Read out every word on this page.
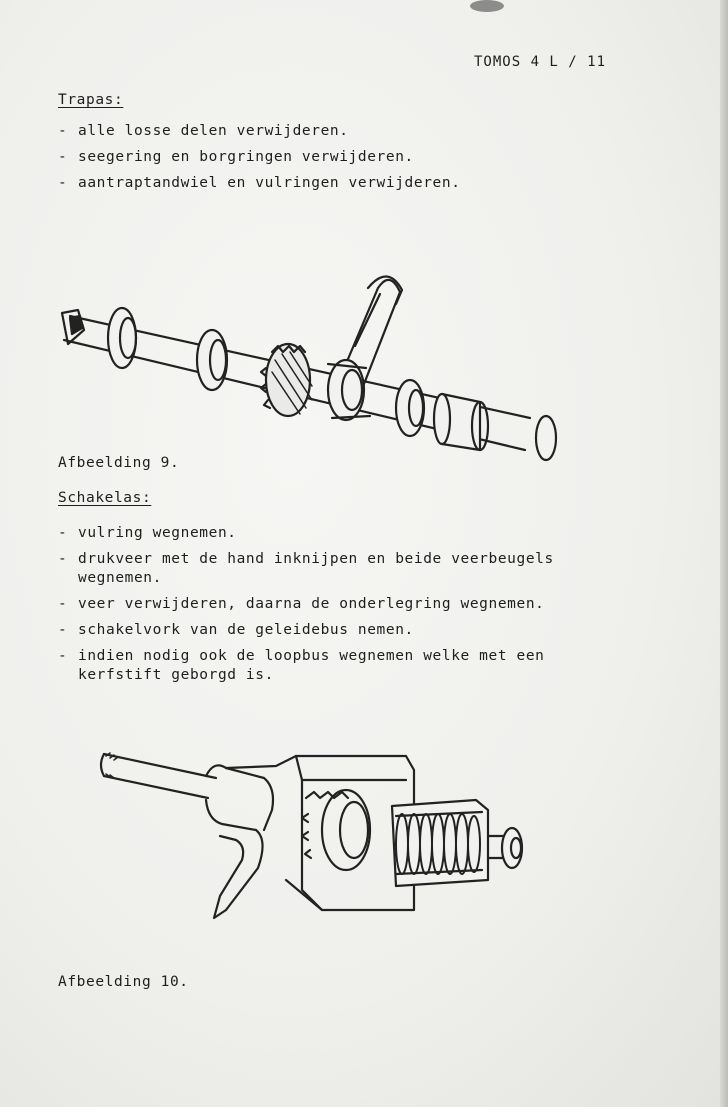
TOMOS 4 L / 11
Trapas:
- alle losse delen verwijderen.
- seegering en borgringen verwijderen.
- aantraptandwiel en vulringen verwijderen.
Afbeelding 9.
Schakelas:
- vulring wegnemen.
- drukveer met de hand inknijpen en beide veerbeugels
wegnemen.
- veer verwijderen, daarna de onderlegring wegnemen.
- schakelvork van de geleidebus nemen.
- indien nodig ook de loopbus wegnemen welke met een
kerfstift geborgd is.
Afbeelding 10.
